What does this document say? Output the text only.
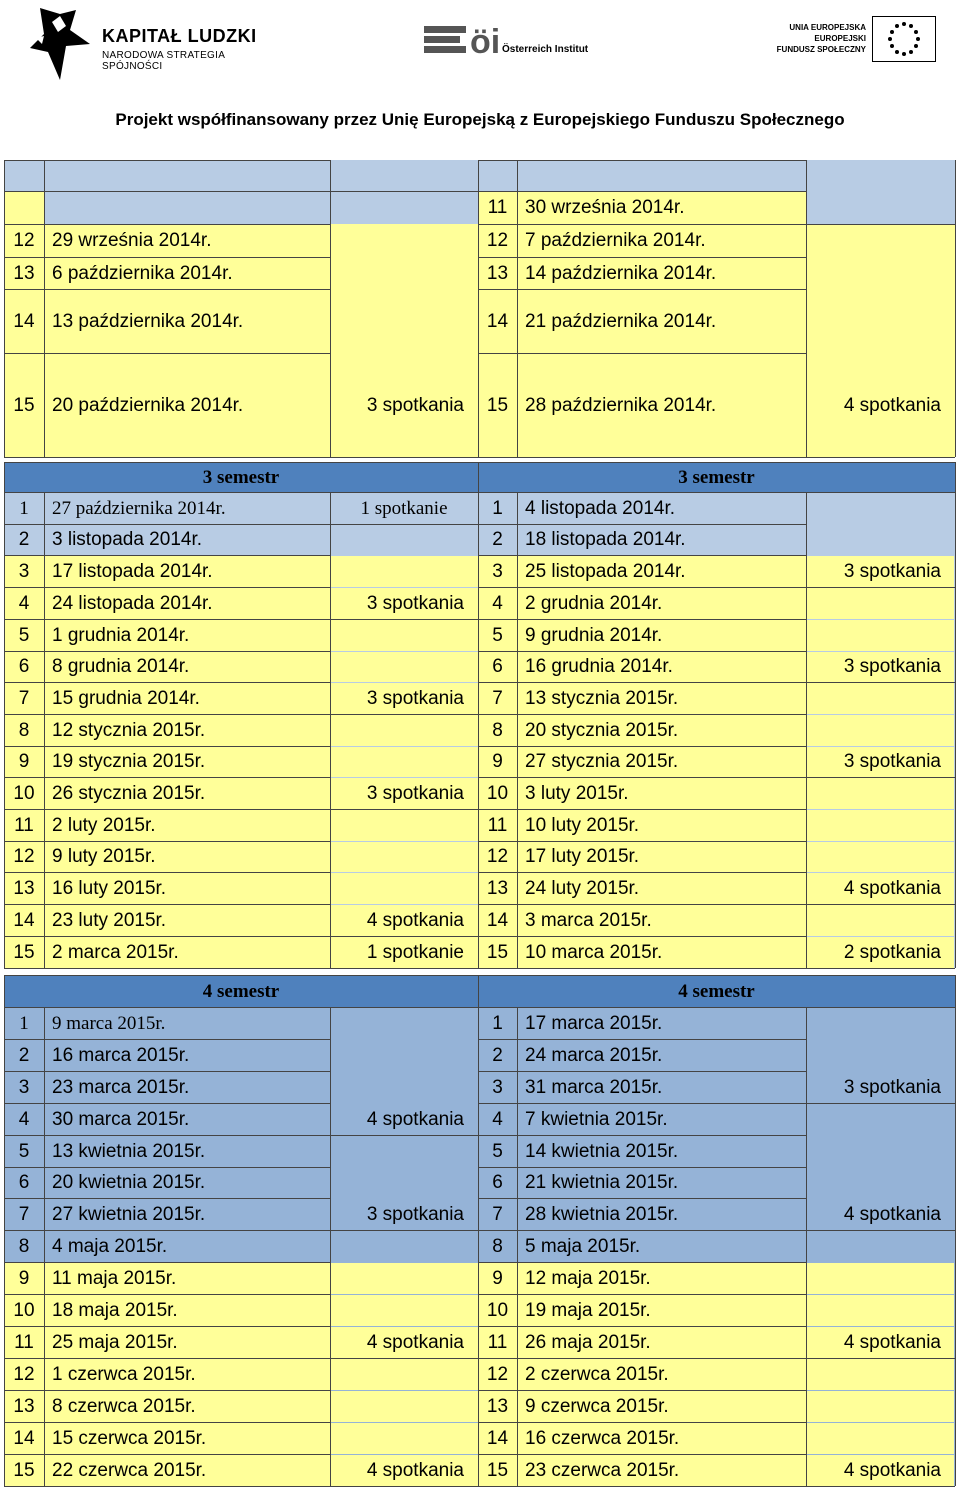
KAPITAŁ LUDZKI
NARODOWA STRATEGIA SPÓJNOŚCI
öi Österreich Institut
UNIA EUROPEJSKA
EUROPEJSKI
FUNDUSZ SPOŁECZNY
Projekt współfinansowany przez Unię Europejską z Europejskiego Funduszu Społecznego
11 30 września 2014r.
12 29 września 2014r.	12 7 października 2014r.
13 6 października 2014r.	13 14 października 2014r.
14 13 października 2014r.	14 21 października 2014r.
15 20 października 2014r.	3 spotkania	15 28 października 2014r.	4 spotkania
3 semestr	3 semestr
1	27 października 2014r.	1 spotkanie	1	4 listopada 2014r.
2	3 listopada 2014r.	2	18 listopada 2014r.
3	17 listopada 2014r.	3	25 listopada 2014r.	3 spotkania
4	24 listopada 2014r.	3 spotkania	4	2 grudnia 2014r.
5	1 grudnia 2014r.	5	9 grudnia 2014r.
6	8 grudnia 2014r.	6	16 grudnia 2014r.	3 spotkania
7	15 grudnia 2014r.	3 spotkania	7	13 stycznia 2015r.
8	12 stycznia 2015r.	8	20 stycznia 2015r.
9	19 stycznia 2015r.	9	27 stycznia 2015r.	3 spotkania
10 26 stycznia 2015r.	3 spotkania	10 3 luty 2015r.
11 2 luty 2015r.	11 10 luty 2015r.
12 9 luty 2015r.	12 17 luty 2015r.
13 16 luty 2015r.	13 24 luty 2015r.	4 spotkania
14 23 luty 2015r.	4 spotkania	14 3 marca 2015r.
15 2 marca 2015r.	1 spotkanie	15 10 marca 2015r.	2 spotkania
4 semestr	4 semestr
1	9 marca 2015r.	1	17 marca 2015r.
2	16 marca 2015r.	2	24 marca 2015r.
3	23 marca 2015r.	3	31 marca 2015r.	3 spotkania
4	30 marca 2015r.	4 spotkania	4	7 kwietnia 2015r.
5	13 kwietnia 2015r.	5	14 kwietnia 2015r.
6	20 kwietnia 2015r.	6	21 kwietnia 2015r.
7	27 kwietnia 2015r.	3 spotkania	7	28 kwietnia 2015r.	4 spotkania
8	4 maja 2015r.	8	5 maja 2015r.
9	11 maja 2015r.	9	12 maja 2015r.
10 18 maja 2015r.	10 19 maja 2015r.
11 25 maja 2015r.	4 spotkania	11 26 maja 2015r.	4 spotkania
12 1 czerwca 2015r.	12 2 czerwca 2015r.
13 8 czerwca 2015r.	13 9 czerwca 2015r.
14 15 czerwca 2015r.	14 16 czerwca 2015r.
15 22 czerwca 2015r.	4 spotkania	15 23 czerwca 2015r.	4 spotkania
